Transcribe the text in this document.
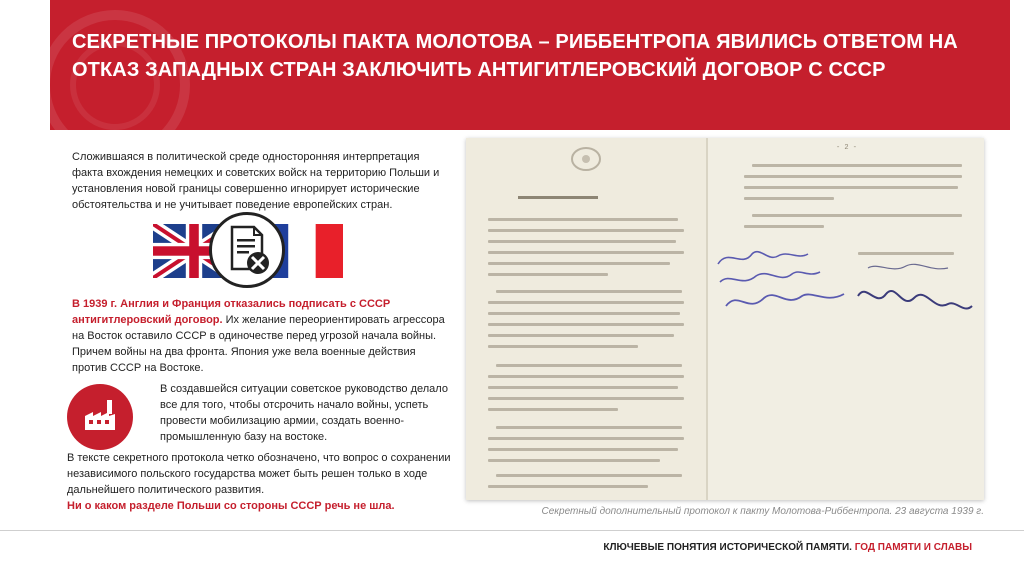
СЕКРЕТНЫЕ ПРОТОКОЛЫ ПАКТА МОЛОТОВА – РИББЕНТРОПА ЯВИЛИСЬ ОТВЕТОМ НА ОТКАЗ ЗАПАДНЫХ СТРАН ЗАКЛЮЧИТЬ АНТИГИТЛЕРОВСКИЙ ДОГОВОР С СССР

Сложившаяся в политической среде односторонняя интерпретация факта вхождения немецких и советских войск на территорию Польши и установления новой границы совершенно игнорирует исторические обстоятельства и не учитывает поведение европейских стран.

В 1939 г. Англия и Франция отказались подписать с СССР антигитлеровский договор. Их желание переориентировать агрессора на Восток оставило СССР в одиночестве перед угрозой начала войны. Причем войны на два фронта. Япония уже вела военные действия против СССР на Востоке.

В создавшейся ситуации советское руководство делало все для того, чтобы отсрочить начало войны, успеть провести мобилизацию армии, создать военно-промышленную базу на востоке.

В тексте секретного протокола четко обозначено, что вопрос о сохранении независимого польского государства может быть решен только в ходе дальнейшего политического развития.
Ни о каком разделе Польши со стороны СССР речь не шла.

- 2 -
Секретный дополнительный протокол к пакту Молотова-Риббентропа. 23 августа 1939 г.
КЛЮЧЕВЫЕ ПОНЯТИЯ ИСТОРИЧЕСКОЙ ПАМЯТИ. ГОД ПАМЯТИ И СЛАВЫ
